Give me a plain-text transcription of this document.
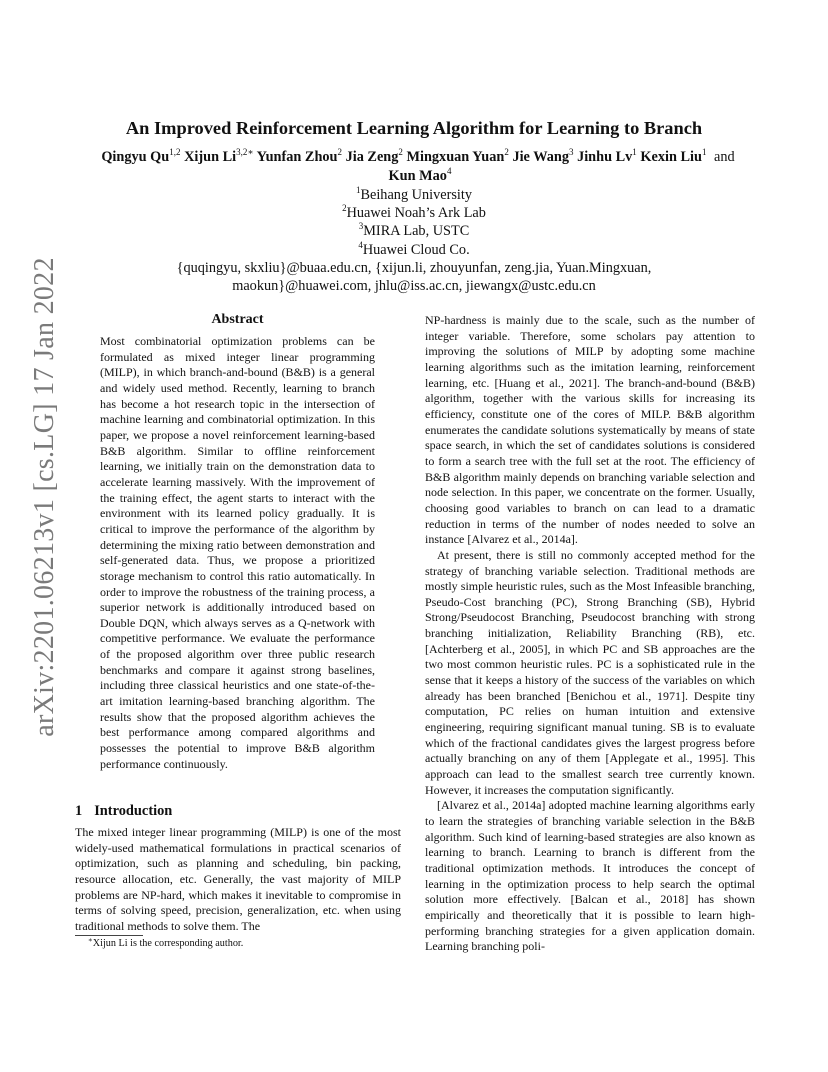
arXiv:2201.06213v1 [cs.LG] 17 Jan 2022
An Improved Reinforcement Learning Algorithm for Learning to Branch
Qingyu Qu$^{1,2}$ Xijun $Li^{3,2∗}$ Yunfan Zhou$^2$ Jia Zeng$^2$ Mingxuan Yuan$^2$ Jie Wang$^3$ Jinhu Lv$^1$ Kexin Liu$^1$ and Kun Mao$^4$
$^1$Beihang University
$^2$Huawei Noah’s Ark Lab
$^3$MIRA Lab, USTC
$^4$Huawei Cloud Co.
{quqingyu, skxliu}@buaa.edu.cn, {xijun.li, zhouyunfan, zeng.jia, Yuan.Mingxuan,
maokun}@huawei.com, jhlu@iss.ac.cn, jiewangx@ustc.edu.cn
Abstract

Most combinatorial optimization problems can be formulated as mixed integer linear programming (MILP), in which branch-and-bound (B&B) is a general and widely used method. Recently, learning to branch has become a hot research topic in the intersection of machine learning and combinatorial optimization. In this paper, we propose a novel reinforcement learning-based B&B algorithm. Similar to offline reinforcement learning, we initially train on the demonstration data to accelerate learning massively. With the improvement of the training effect, the agent starts to interact with the environment with its learned policy gradually. It is critical to improve the performance of the algorithm by determining the mixing ratio between demonstration and self-generated data. Thus, we propose a prioritized storage mechanism to control this ratio automatically. In order to improve the robustness of the training process, a superior network is additionally introduced based on Double DQN, which always serves as a Q-network with competitive performance. We evaluate the performance of the proposed algorithm over three public research benchmarks and compare it against strong baselines, including three classical heuristics and one state-of-the-art imitation learning-based branching algorithm. The results show that the proposed algorithm achieves the best performance among compared algorithms and possesses the potential to improve B&B algorithm performance continuously.

1 Introduction

The mixed integer linear programming (MILP) is one of the most widely-used mathematical formulations in practical scenarios of optimization, such as planning and scheduling, bin packing, resource allocation, etc. Generally, the vast majority of MILP problems are NP-hard, which makes it inevitable to compromise in terms of solving speed, precision, generalization, etc. when using traditional methods to solve them. The

∗Xijun Li is the corresponding author.

NP-hardness is mainly due to the scale, such as the number of integer variable. Therefore, some scholars pay attention to improving the solutions of MILP by adopting some machine learning algorithms such as the imitation learning, reinforcement learning, etc. [Huang et al., 2021]. The branch-and-bound (B&B) algorithm, together with the various skills for increasing its efficiency, constitute one of the cores of MILP. B&B algorithm enumerates the candidate solutions systematically by means of state space search, in which the set of candidates solutions is considered to form a search tree with the full set at the root. The efficiency of B&B algorithm mainly depends on branching variable selection and node selection. In this paper, we concentrate on the former. Usually, choosing good variables to branch on can lead to a dramatic reduction in terms of the number of nodes needed to solve an instance [Alvarez et al., 2014a].

At present, there is still no commonly accepted method for the strategy of branching variable selection. Traditional methods are mostly simple heuristic rules, such as the Most Infeasible branching, Pseudo-Cost branching (PC), Strong Branching (SB), Hybrid Strong/Pseudocost Branching, Pseudocost branching with strong branching initialization, Reliability Branching (RB), etc. [Achterberg et al., 2005], in which PC and SB approaches are the two most common heuristic rules. PC is a sophisticated rule in the sense that it keeps a history of the success of the variables on which already has been branched [Benichou et al., 1971]. Despite tiny computation, PC relies on human intuition and extensive engineering, requiring significant manual tuning. SB is to evaluate which of the fractional candidates gives the largest progress before actually branching on any of them [Applegate et al., 1995]. This approach can lead to the smallest search tree currently known. However, it increases the computation significantly.

[Alvarez et al., 2014a] adopted machine learning algorithms early to learn the strategies of branching variable selection in the B&B algorithm. Such kind of learning-based strategies are also known as learning to branch. Learning to branch is different from the traditional optimization methods. It introduces the concept of learning in the optimization process to help search the optimal solution more effectively. [Balcan et al., 2018] has shown empirically and theoretically that it is possible to learn high-performing branching strategies for a given application domain. Learning branching poli-
